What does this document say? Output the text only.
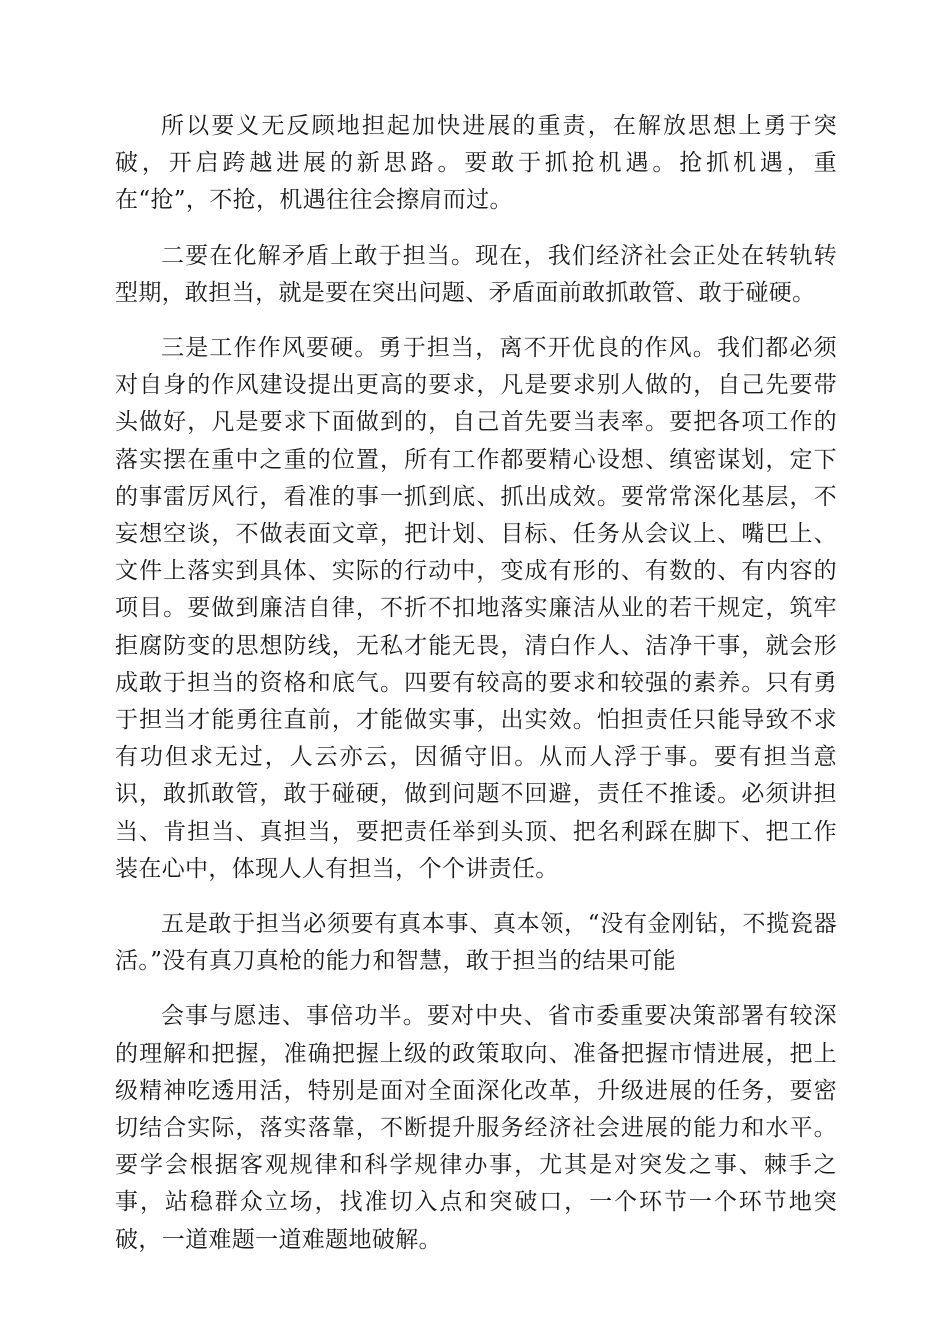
所以要义无反顾地担起加快进展的重责，在解放思想上勇于突破，开启跨越进展的新思路。要敢于抓抢机遇。抢抓机遇，重在“抢”，不抢，机遇往往会擦肩而过。

二要在化解矛盾上敢于担当。现在，我们经济社会正处在转轨转型期，敢担当，就是要在突出问题、矛盾面前敢抓敢管、敢于碰硬。

三是工作作风要硬。勇于担当，离不开优良的作风。我们都必须对自身的作风建设提出更高的要求，凡是要求别人做的，自己先要带头做好，凡是要求下面做到的，自己首先要当表率。要把各项工作的落实摆在重中之重的位置，所有工作都要精心设想、缜密谋划，定下的事雷厉风行，看准的事一抓到底、抓出成效。要常常深化基层，不妄想空谈，不做表面文章，把计划、目标、任务从会议上、嘴巴上、文件上落实到具体、实际的行动中，变成有形的、有数的、有内容的项目。要做到廉洁自律，不折不扣地落实廉洁从业的若干规定，筑牢拒腐防变的思想防线，无私才能无畏，清白作人、洁净干事，就会形成敢于担当的资格和底气。四要有较高的要求和较强的素养。只有勇于担当才能勇往直前，才能做实事，出实效。怕担责任只能导致不求有功但求无过，人云亦云，因循守旧。从而人浮于事。要有担当意识，敢抓敢管，敢于碰硬，做到问题不回避，责任不推诿。必须讲担当、肯担当、真担当，要把责任举到头顶、把名利踩在脚下、把工作装在心中，体现人人有担当，个个讲责任。

五是敢于担当必须要有真本事、真本领，“没有金刚钻，不揽瓷器活。”没有真刀真枪的能力和智慧，敢于担当的结果可能

会事与愿违、事倍功半。要对中央、省市委重要决策部署有较深的理解和把握，准确把握上级的政策取向、准备把握市情进展，把上级精神吃透用活，特别是面对全面深化改革，升级进展的任务，要密切结合实际，落实落靠，不断提升服务经济社会进展的能力和水平。要学会根据客观规律和科学规律办事，尤其是对突发之事、棘手之事，站稳群众立场，找准切入点和突破口，一个环节一个环节地突破，一道难题一道难题地破解。
